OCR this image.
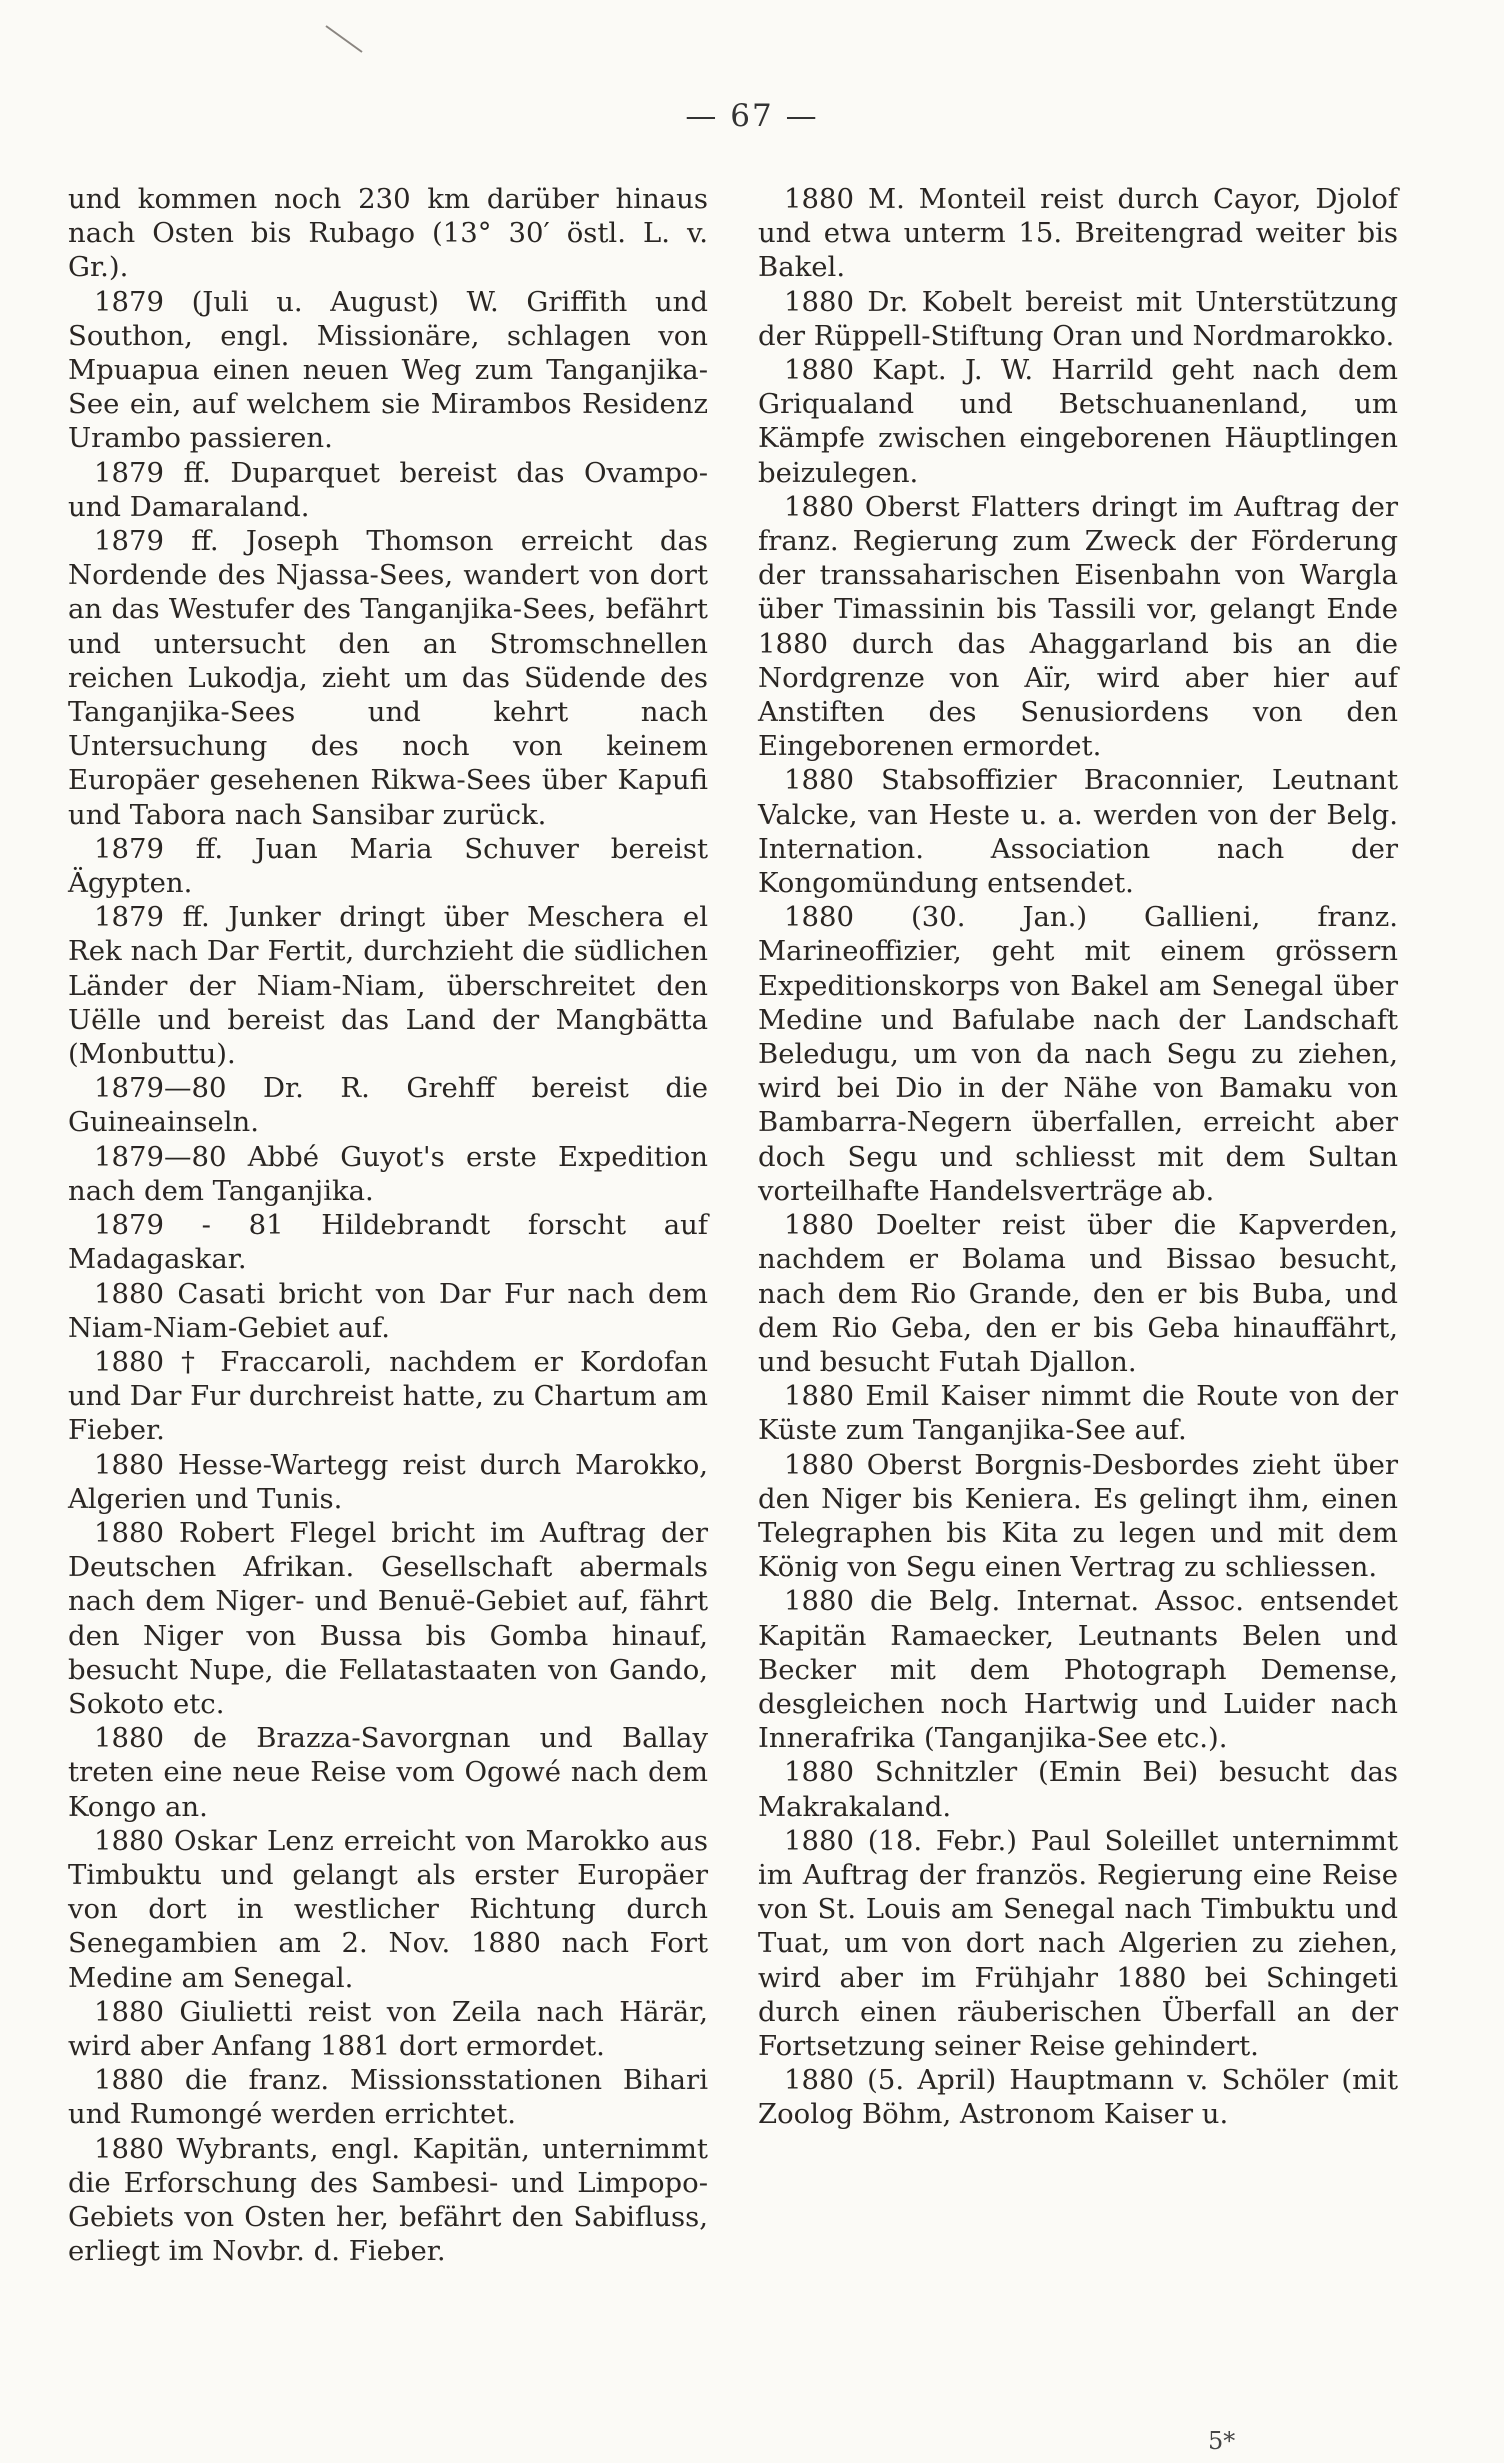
— 67 —

und kommen noch 230 km darüber hinaus nach Osten bis Rubago (13° 30′ östl. L. v. Gr.).

1879 (Juli u. August) W. Griffith und Southon, engl. Missionäre, schlagen von Mpuapua einen neuen Weg zum Tanganjika-See ein, auf welchem sie Mirambos Residenz Urambo passieren.

1879 ff. Duparquet bereist das Ovampo- und Damaraland.

1879 ff. Joseph Thomson erreicht das Nordende des Njassa-Sees, wandert von dort an das Westufer des Tanganjika-Sees, befährt und untersucht den an Stromschnellen reichen Lukodja, zieht um das Südende des Tanganjika-Sees und kehrt nach Untersuchung des noch von keinem Europäer gesehenen Rikwa-Sees über Kapufi und Tabora nach Sansibar zurück.

1879 ff. Juan Maria Schuver bereist Ägypten.

1879 ff. Junker dringt über Meschera el Rek nach Dar Fertit, durchzieht die südlichen Länder der Niam-Niam, überschreitet den Uëlle und bereist das Land der Mangbätta (Monbuttu).

1879—80 Dr. R. Grehff bereist die Guineainseln.

1879—80 Abbé Guyot's erste Expedition nach dem Tanganjika.

1879 - 81 Hildebrandt forscht auf Madagaskar.

1880 Casati bricht von Dar Fur nach dem Niam-Niam-Gebiet auf.

1880 † Fraccaroli, nachdem er Kordofan und Dar Fur durchreist hatte, zu Chartum am Fieber.

1880 Hesse-Wartegg reist durch Marokko, Algerien und Tunis.

1880 Robert Flegel bricht im Auftrag der Deutschen Afrikan. Gesellschaft abermals nach dem Niger- und Benuë-Gebiet auf, fährt den Niger von Bussa bis Gomba hinauf, besucht Nupe, die Fellatastaaten von Gando, Sokoto etc.

1880 de Brazza-Savorgnan und Ballay treten eine neue Reise vom Ogowé nach dem Kongo an.

1880 Oskar Lenz erreicht von Marokko aus Timbuktu und gelangt als erster Europäer von dort in westlicher Richtung durch Senegambien am 2. Nov. 1880 nach Fort Medine am Senegal.

1880 Giulietti reist von Zeila nach Härär, wird aber Anfang 1881 dort ermordet.

1880 die franz. Missionsstationen Bihari und Rumongé werden errichtet.

1880 Wybrants, engl. Kapitän, unternimmt die Erforschung des Sambesi- und Limpopo-Gebiets von Osten her, befährt den Sabifluss, erliegt im Novbr. d. Fieber.

1880 M. Monteil reist durch Cayor, Djolof und etwa unterm 15. Breitengrad weiter bis Bakel.

1880 Dr. Kobelt bereist mit Unterstützung der Rüppell-Stiftung Oran und Nordmarokko.

1880 Kapt. J. W. Harrild geht nach dem Griqualand und Betschuanenland, um Kämpfe zwischen eingeborenen Häuptlingen beizulegen.

1880 Oberst Flatters dringt im Auftrag der franz. Regierung zum Zweck der Förderung der transsaharischen Eisenbahn von Wargla über Timassinin bis Tassili vor, gelangt Ende 1880 durch das Ahaggarland bis an die Nordgrenze von Aïr, wird aber hier auf Anstiften des Senusiordens von den Eingeborenen ermordet.

1880 Stabsoffizier Braconnier, Leutnant Valcke, van Heste u. a. werden von der Belg. Internation. Association nach der Kongomündung entsendet.

1880 (30. Jan.) Gallieni, franz. Marineoffizier, geht mit einem grössern Expeditionskorps von Bakel am Senegal über Medine und Bafulabe nach der Landschaft Beledugu, um von da nach Segu zu ziehen, wird bei Dio in der Nähe von Bamaku von Bambarra-Negern überfallen, erreicht aber doch Segu und schliesst mit dem Sultan vorteilhafte Handelsverträge ab.

1880 Doelter reist über die Kapverden, nachdem er Bolama und Bissao besucht, nach dem Rio Grande, den er bis Buba, und dem Rio Geba, den er bis Geba hinauffährt, und besucht Futah Djallon.

1880 Emil Kaiser nimmt die Route von der Küste zum Tanganjika-See auf.

1880 Oberst Borgnis-Desbordes zieht über den Niger bis Keniera. Es gelingt ihm, einen Telegraphen bis Kita zu legen und mit dem König von Segu einen Vertrag zu schliessen.

1880 die Belg. Internat. Assoc. entsendet Kapitän Ramaecker, Leutnants Belen und Becker mit dem Photograph Demense, desgleichen noch Hartwig und Luider nach Innerafrika (Tanganjika-See etc.).

1880 Schnitzler (Emin Bei) besucht das Makrakaland.

1880 (18. Febr.) Paul Soleillet unternimmt im Auftrag der französ. Regierung eine Reise von St. Louis am Senegal nach Timbuktu und Tuat, um von dort nach Algerien zu ziehen, wird aber im Frühjahr 1880 bei Schingeti durch einen räuberischen Überfall an der Fortsetzung seiner Reise gehindert.

1880 (5. April) Hauptmann v. Schöler (mit Zoolog Böhm, Astronom Kaiser u.

5*
